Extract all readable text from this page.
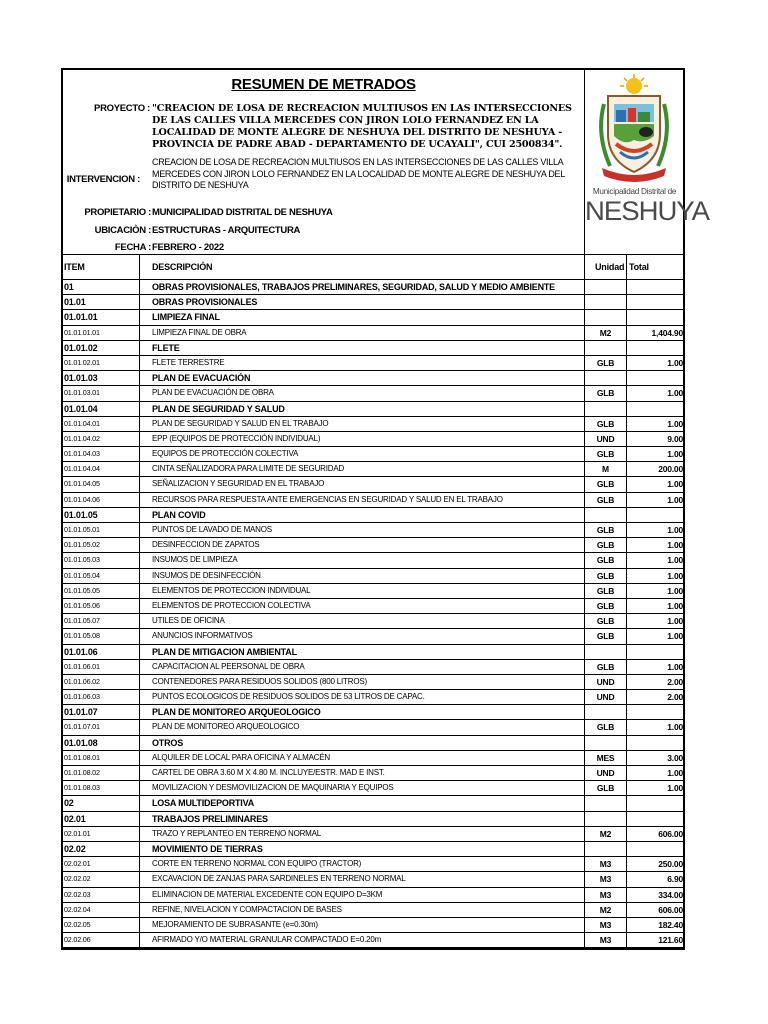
RESUMEN DE METRADOS
PROYECTO : "CREACION DE LOSA DE RECREACION MULTIUSOS EN LAS INTERSECCIONES DE LAS CALLES VILLA MERCEDES CON JIRON LOLO FERNANDEZ EN LA LOCALIDAD DE MONTE ALEGRE DE NESHUYA DEL DISTRITO DE NESHUYA - PROVINCIA DE PADRE ABAD - DEPARTAMENTO DE UCAYALI", CUI 2500834".
CREACION DE LOSA DE RECREACION MULTIUSOS EN LAS INTERSECCIONES DE LAS CALLES VILLA MERCEDES CON JIRON LOLO FERNANDEZ EN LA LOCALIDAD DE MONTE ALEGRE DE NESHUYA DEL DISTRITO DE NESHUYA
INTERVENCION :
PROPIETARIO : MUNICIPALIDAD DISTRITAL DE NESHUYA
UBICACIÒN : ESTRUCTURAS - ARQUITECTURA
FECHA : FEBRERO - 2022
Municipalidad Distrital de
NESHUYA
ITEM	DESCRIPCIÓN	Unidad Total
01	OBRAS PROVISIONALES, TRABAJOS PRELIMINARES, SEGURIDAD, SALUD Y MEDIO AMBIENTE
01.01	OBRAS PROVISIONALES
01.01.01	LIMPIEZA FINAL
01.01.01.01	LIMPIEZA FINAL DE OBRA	M2	1,404.90
01.01.02	FLETE
01.01.02.01	FLETE TERRESTRE	GLB	1.00
01.01.03	PLAN DE EVACUACIÓN
01.01.03.01	PLAN DE EVACUACIÓN DE OBRA	GLB	1.00
01.01.04	PLAN DE SEGURIDAD Y SALUD
01.01.04.01	PLAN DE SEGURIDAD Y SALUD EN EL TRABAJO	GLB	1.00
01.01.04.02	EPP (EQUIPOS DE PROTECCIÓN INDIVIDUAL)	UND	9.00
01.01.04.03	EQUIPOS DE PROTECCIÓN COLECTIVA	GLB	1.00
01.01.04.04	CINTA SEÑALIZADORA PARA LIMITE DE SEGURIDAD	M	200.00
01.01.04.05	SEÑALIZACION Y SEGURIDAD EN EL TRABAJO	GLB	1.00
01.01.04.06	RECURSOS PARA RESPUESTA ANTE EMERGENCIAS EN SEGURIDAD Y SALUD EN EL TRABAJO	GLB	1.00
01.01.05	PLAN COVID
01.01.05.01	PUNTOS DE LAVADO DE MANOS	GLB	1.00
01.01.05.02	DESINFECCION DE ZAPATOS	GLB	1.00
01.01.05.03	INSUMOS DE LIMPIEZA	GLB	1.00
01.01.05.04	INSUMOS DE DESINFECCIÓN	GLB	1.00
01.01.05.05	ELEMENTOS DE PROTECCION INDIVIDUAL	GLB	1.00
01.01.05.06	ELEMENTOS DE PROTECCION COLECTIVA	GLB	1.00
01.01.05.07	UTILES DE OFICINA	GLB	1.00
01.01.05.08	ANUNCIOS INFORMATIVOS	GLB	1.00
01.01.06	PLAN DE MITIGACION AMBIENTAL
01.01.06.01	CAPACITACION AL PEERSONAL DE OBRA	GLB	1.00
01.01.06.02	CONTENEDORES PARA RESIDUOS SOLIDOS (800 LITROS)	UND	2.00
01.01.06.03	PUNTOS ECOLOGICOS DE RESIDUOS SOLIDOS DE 53 LITROS DE CAPAC.	UND	2.00
01.01.07	PLAN DE MONITOREO ARQUEOLOGICO
01.01.07.01	PLAN DE MONITOREO ARQUEOLOGICO	GLB	1.00
01.01.08	OTROS
01.01.08.01	ALQUILER DE LOCAL PARA OFICINA Y ALMACÉN	MES	3.00
01.01.08.02	CARTEL DE OBRA 3.60 M X 4.80 M. INCLUYE/ESTR. MAD E INST.	UND	1.00
01.01.08.03	MOVILIZACION Y DESMOVILIZACION DE MAQUINARIA Y EQUIPOS	GLB	1.00
02	LOSA MULTIDEPORTIVA
02.01	TRABAJOS PRELIMINARES
02.01.01	TRAZO Y REPLANTEO EN TERRENO NORMAL	M2	606.00
02.02	MOVIMIENTO DE TIERRAS
02.02.01	CORTE EN TERRENO NORMAL CON EQUIPO (TRACTOR)	M3	250.00
02.02.02	EXCAVACION DE ZANJAS PARA SARDINELES EN TERRENO NORMAL	M3	6.90
02.02.03	ELIMINACION DE MATERIAL EXCEDENTE CON EQUIPO D=3KM	M3	334.00
02.02.04	REFINE, NIVELACION Y COMPACTACION DE BASES	M2	606.00
02.02.05	MEJORAMIENTO DE SUBRASANTE (e=0.30m)	M3	182.40
02.02.06	AFIRMADO Y/O MATERIAL GRANULAR COMPACTADO E=0.20m	M3	121.60
